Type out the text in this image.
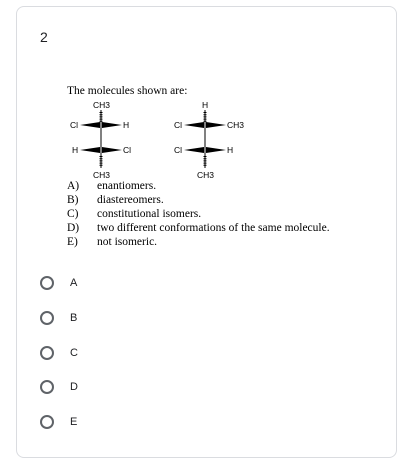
2
The molecules shown are:
CH3
Cl	H
H	Cl
CH3
H
Cl	CH3
Cl	H
CH3
A)	enantiomers.
B)	diastereomers.
C)	constitutional isomers.
D)	two different conformations of the same molecule.
E)	not isomeric.
A
B
C
D
E
